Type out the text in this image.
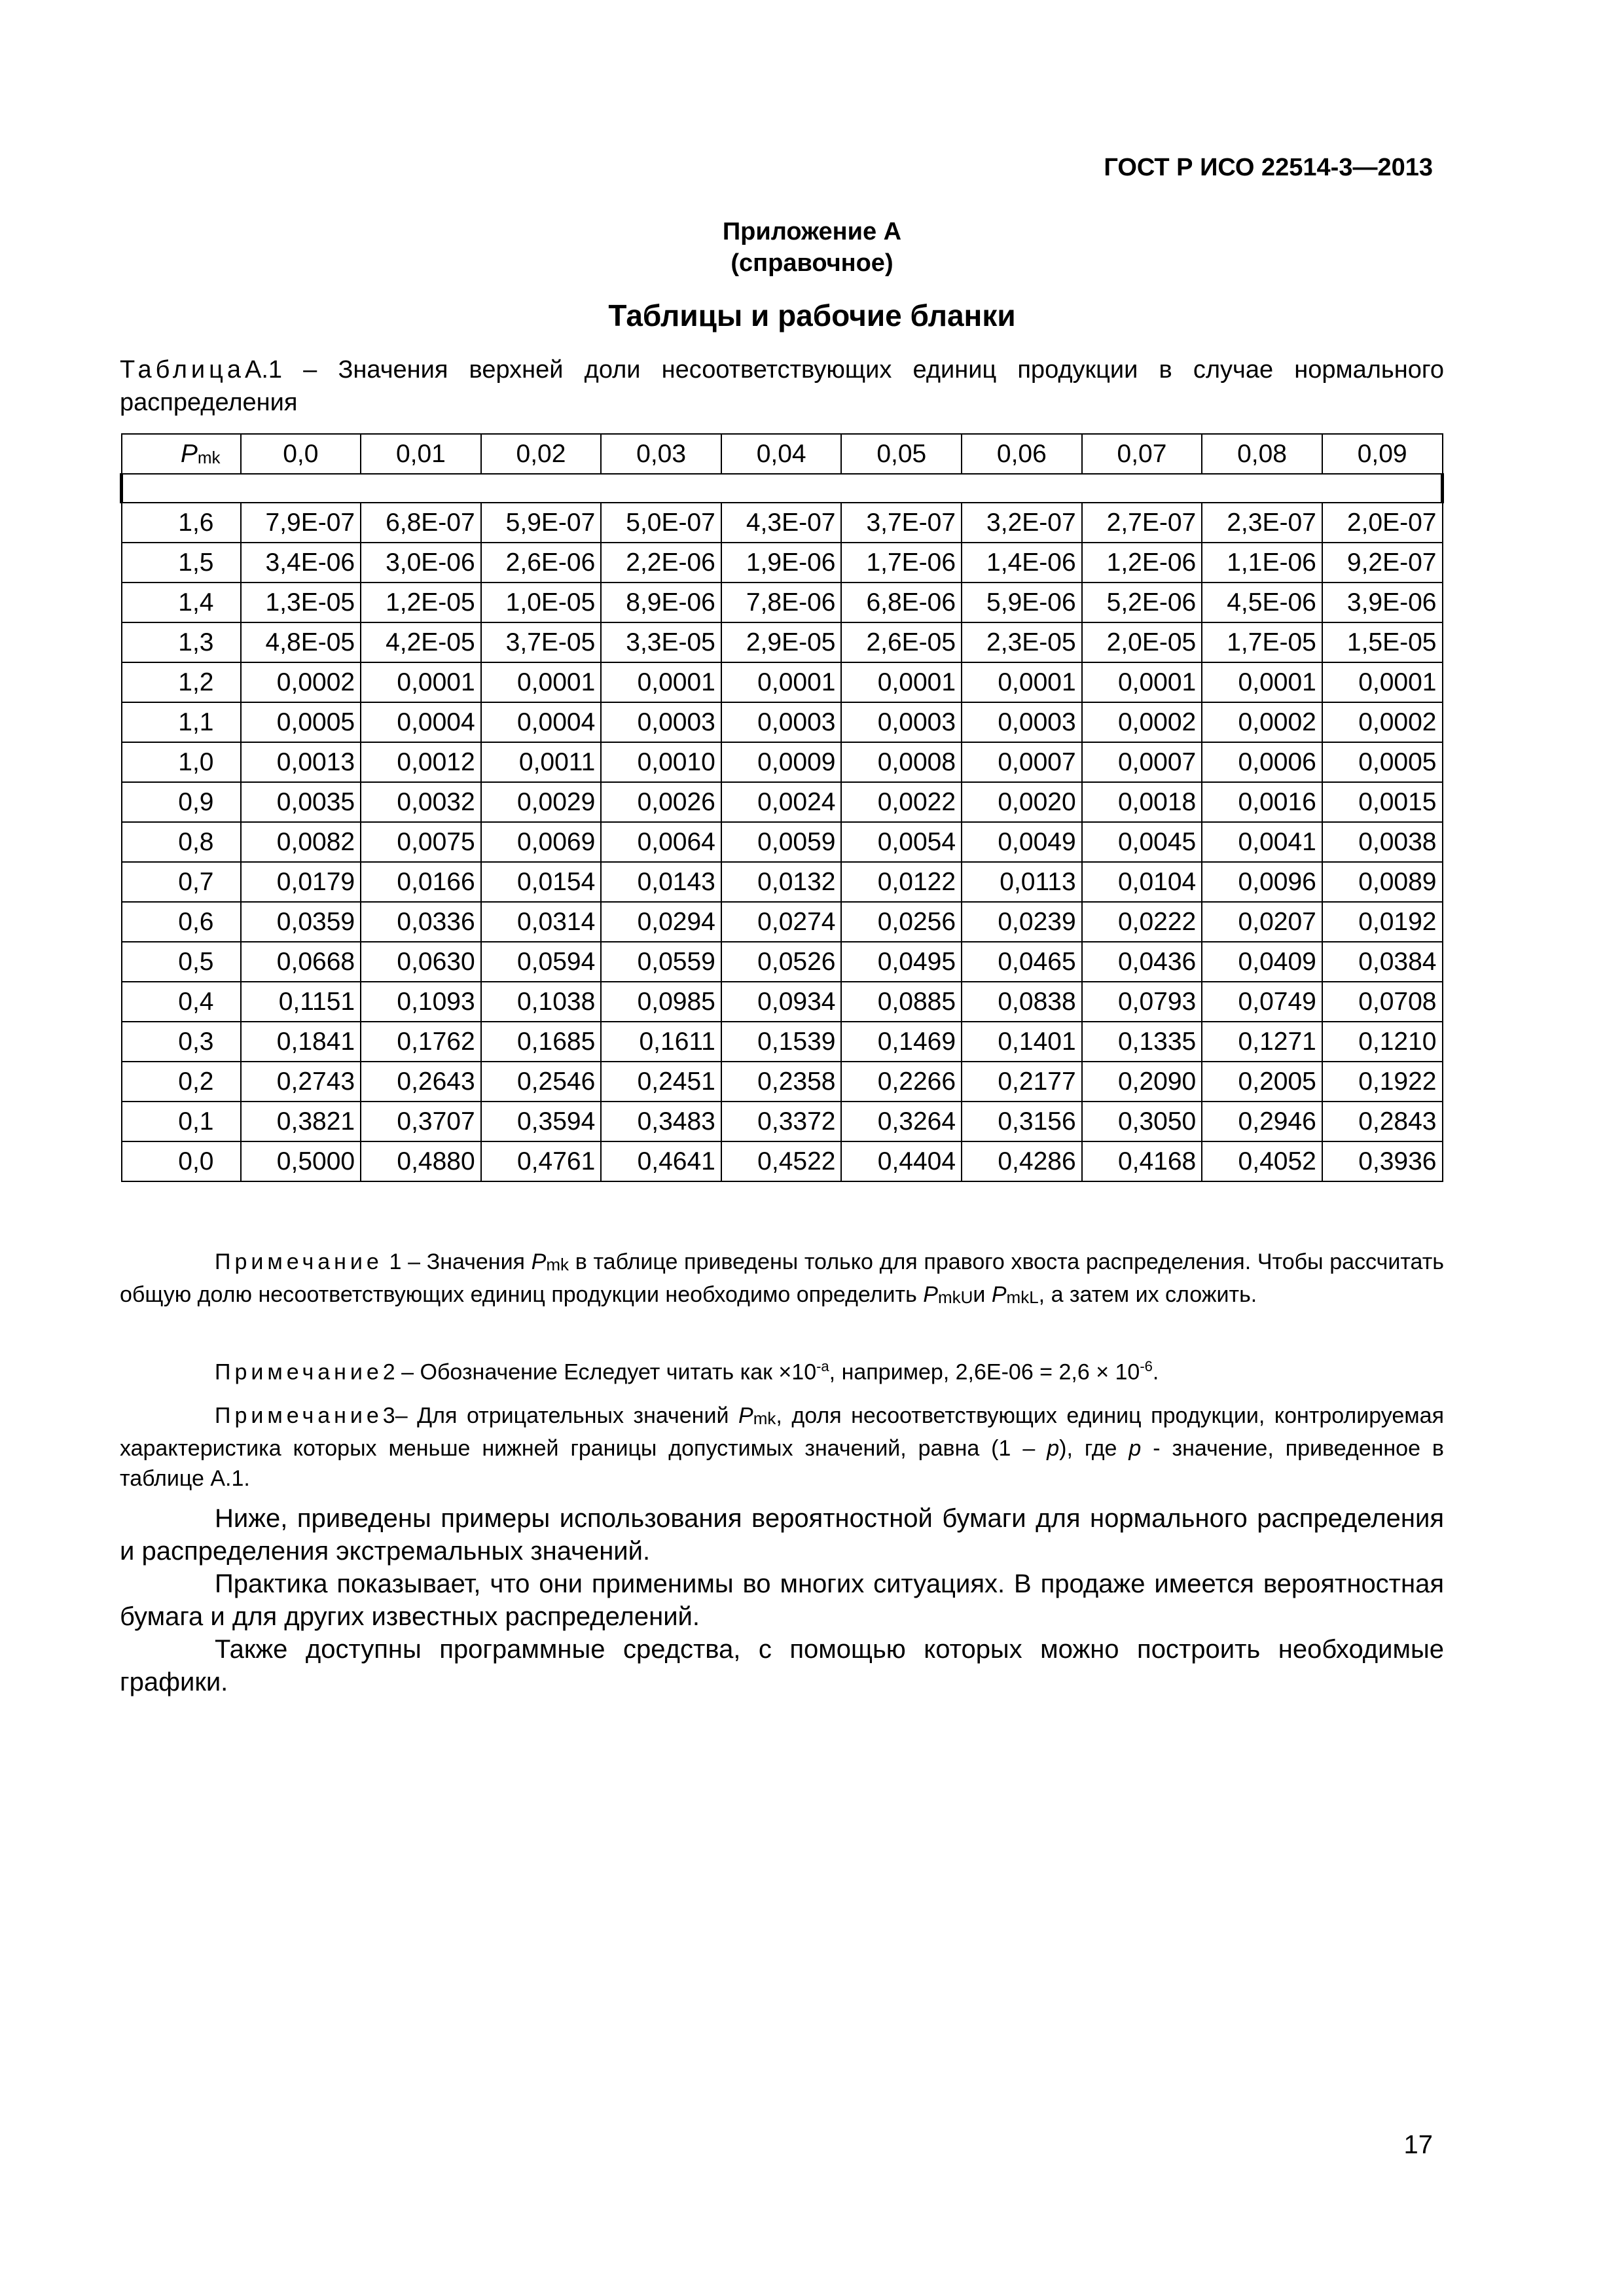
ГОСТ Р ИСО 22514-3—2013
Приложение А
(справочное)
Таблицы и рабочие бланки
ТаблицаА.1 – Значения верхней доли несоответствующих единиц продукции в случае нормального распределения
Pmk	0,0	0,01	0,02	0,03	0,04	0,05	0,06	0,07	0,08	0,09

1,6	7,9E-07	6,8E-07	5,9E-07	5,0E-07	4,3E-07	3,7E-07	3,2E-07	2,7E-07	2,3E-07	2,0E-07
1,5	3,4E-06	3,0E-06	2,6E-06	2,2E-06	1,9E-06	1,7E-06	1,4E-06	1,2E-06	1,1E-06	9,2E-07
1,4	1,3E-05	1,2E-05	1,0E-05	8,9E-06	7,8E-06	6,8E-06	5,9E-06	5,2E-06	4,5E-06	3,9E-06
1,3	4,8E-05	4,2E-05	3,7E-05	3,3E-05	2,9E-05	2,6E-05	2,3E-05	2,0E-05	1,7E-05	1,5E-05
1,2	0,0002	0,0001	0,0001	0,0001	0,0001	0,0001	0,0001	0,0001	0,0001	0,0001
1,1	0,0005	0,0004	0,0004	0,0003	0,0003	0,0003	0,0003	0,0002	0,0002	0,0002
1,0	0,0013	0,0012	0,0011	0,0010	0,0009	0,0008	0,0007	0,0007	0,0006	0,0005
0,9	0,0035	0,0032	0,0029	0,0026	0,0024	0,0022	0,0020	0,0018	0,0016	0,0015
0,8	0,0082	0,0075	0,0069	0,0064	0,0059	0,0054	0,0049	0,0045	0,0041	0,0038
0,7	0,0179	0,0166	0,0154	0,0143	0,0132	0,0122	0,0113	0,0104	0,0096	0,0089
0,6	0,0359	0,0336	0,0314	0,0294	0,0274	0,0256	0,0239	0,0222	0,0207	0,0192
0,5	0,0668	0,0630	0,0594	0,0559	0,0526	0,0495	0,0465	0,0436	0,0409	0,0384
0,4	0,1151	0,1093	0,1038	0,0985	0,0934	0,0885	0,0838	0,0793	0,0749	0,0708
0,3	0,1841	0,1762	0,1685	0,1611	0,1539	0,1469	0,1401	0,1335	0,1271	0,1210
0,2	0,2743	0,2643	0,2546	0,2451	0,2358	0,2266	0,2177	0,2090	0,2005	0,1922
0,1	0,3821	0,3707	0,3594	0,3483	0,3372	0,3264	0,3156	0,3050	0,2946	0,2843
0,0	0,5000	0,4880	0,4761	0,4641	0,4522	0,4404	0,4286	0,4168	0,4052	0,3936

Примечание 1 – Значения Pmk в таблице приведены только для правого хвоста распределения. Чтобы рассчитать общую долю несоответствующих единиц продукции необходимо определить PmkUи PmkL, а затем их сложить.

Примечание2 – Обозначение Еследует читать как $\times 10^{-a}$, например, $2,6E-06 = 2,6 \times 10^{-6}$.

Примечание3– Для отрицательных значений Pmk, доля несоответствующих единиц продукции, контролируемая характеристика которых меньше нижней границы допустимых значений, равна (1 – p), где p - значение, приведенное в таблице А.1.

Ниже, приведены примеры использования вероятностной бумаги для нормального распределения и распределения экстремальных значений.

Практика показывает, что они применимы во многих ситуациях. В продаже имеется вероятностная бумага и для других известных распределений.

Также доступны программные средства, с помощью которых можно построить необходимые графики.

17
